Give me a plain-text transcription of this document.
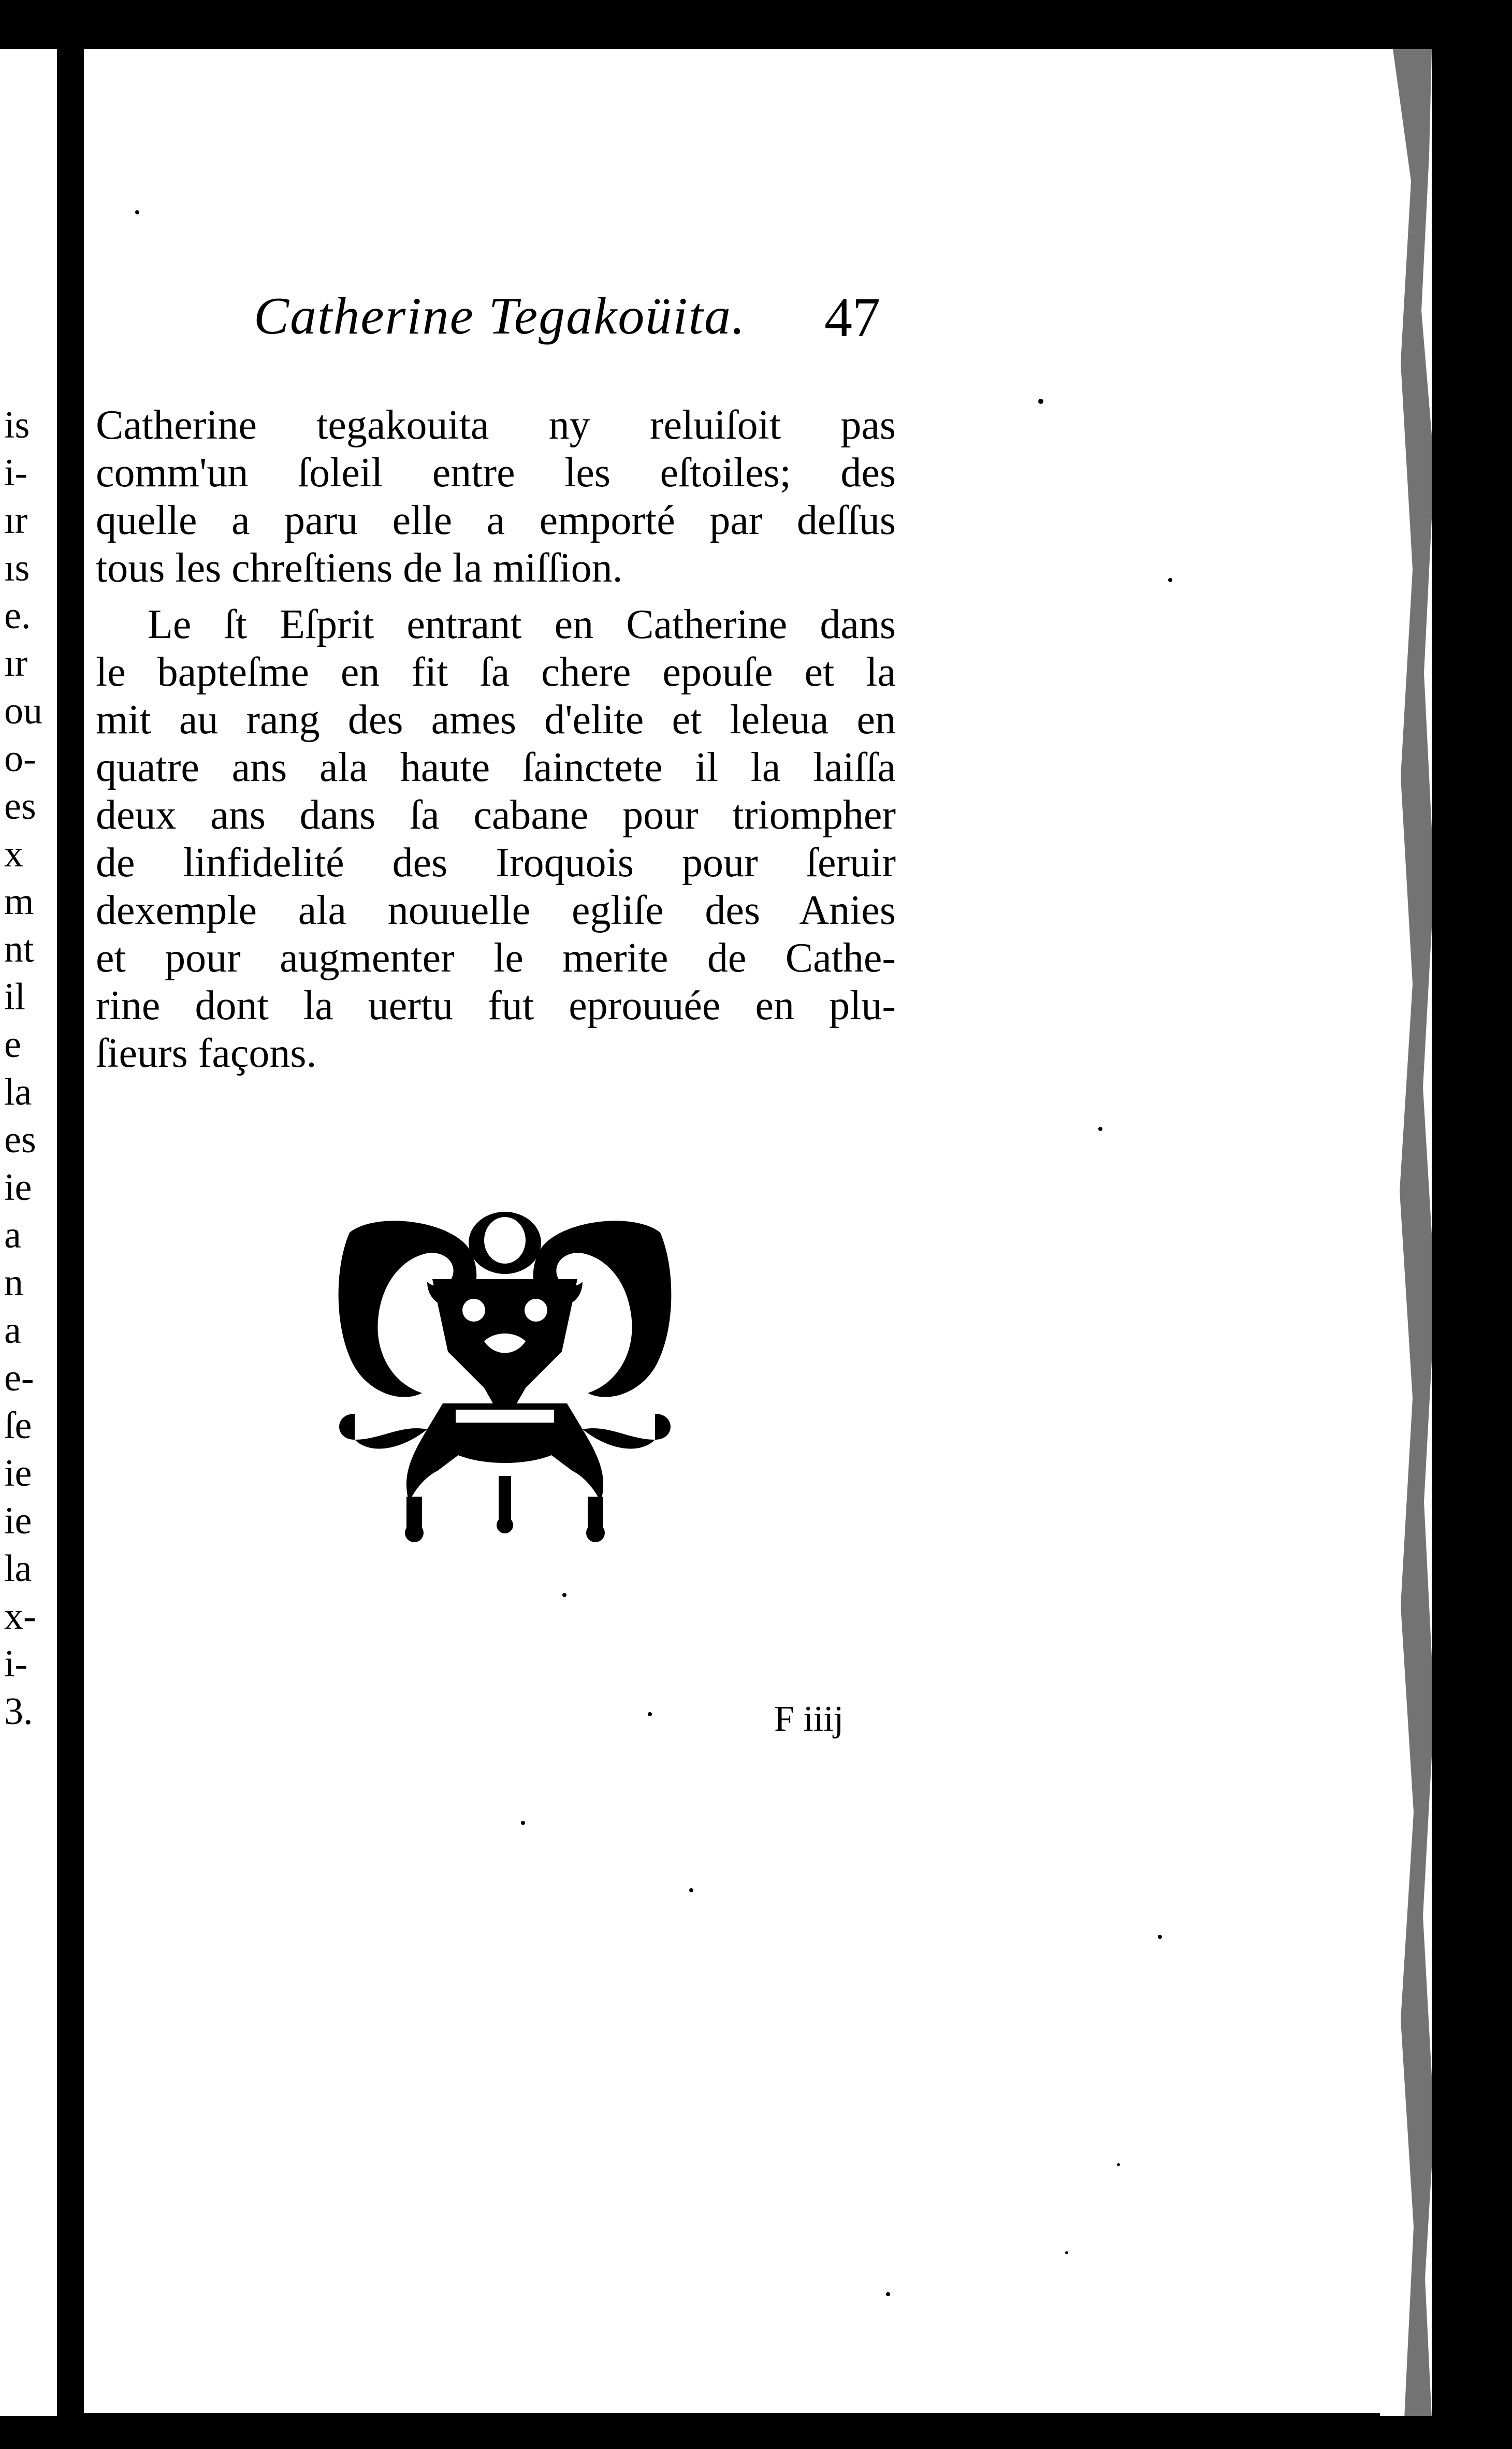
Catherine Tegakoüita. 47
Catherine tegakouita ny reluiſoit pas
comm'un ſoleil entre les eſtoiles; des
quelle a paru elle a emporté par deſſus
tous les chreſtiens de la miſſion.
Le ſt Eſprit entrant en Catherine dans
le bapteſme en fit ſa chere epouſe et la
mit au rang des ames d'elite et leleua en
quatre ans ala haute ſainctete il la laiſſa
deux ans dans ſa cabane pour triompher
de linfidelité des Iroquois pour ſeruir
dexemple ala nouuelle egliſe des Anies
et pour augmenter le merite de Cathe-
rine dont la uertu fut eprouuée en plu-
ſieurs façons.
F iiij
is
i-
ır
ıs
e.
ır
ou
o-
es
x
m
nt
il
e
la
es
ie
a
n
a
e-
ſe
ie
ie
la
x-
i-
3.
